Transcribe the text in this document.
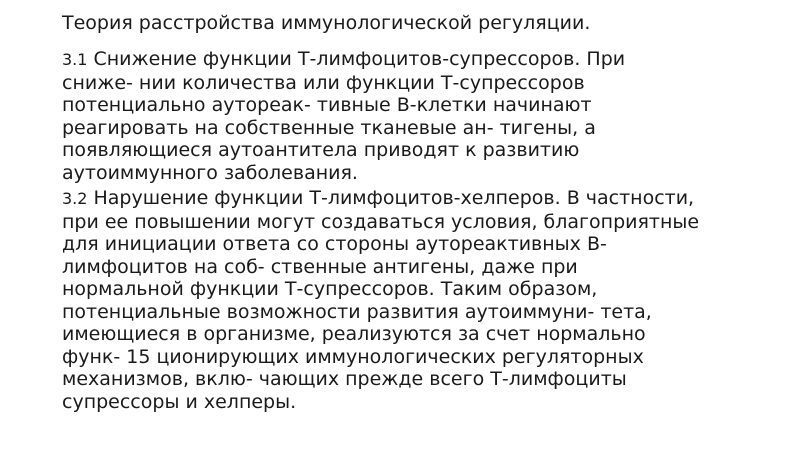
Теория расстройства иммунологической регуляции.
3.1 Снижение функции Т-лимфоцитов-супрессоров. При
сниже- нии количества или функции Т-супрессоров
потенциально аутореак- тивные В-клетки начинают
реагировать на собственные тканевые ан- тигены, а
появляющиеся аутоантитела приводят к развитию
аутоиммунного заболевания.
3.2 Нарушение функции Т-лимфоцитов-хелперов. В частности,
при ее повышении могут создаваться условия, благоприятные
для инициации ответа со стороны аутореактивных В-
лимфоцитов на соб- ственные антигены, даже при
нормальной функции Т-супрессоров. Таким образом,
потенциальные возможности развития аутоиммуни- тета,
имеющиеся в организме, реализуются за счет нормально
функ- 15 ционирующих иммунологических регуляторных
механизмов, вклю- чающих прежде всего Т-лимфоциты
супрессоры и хелперы.
